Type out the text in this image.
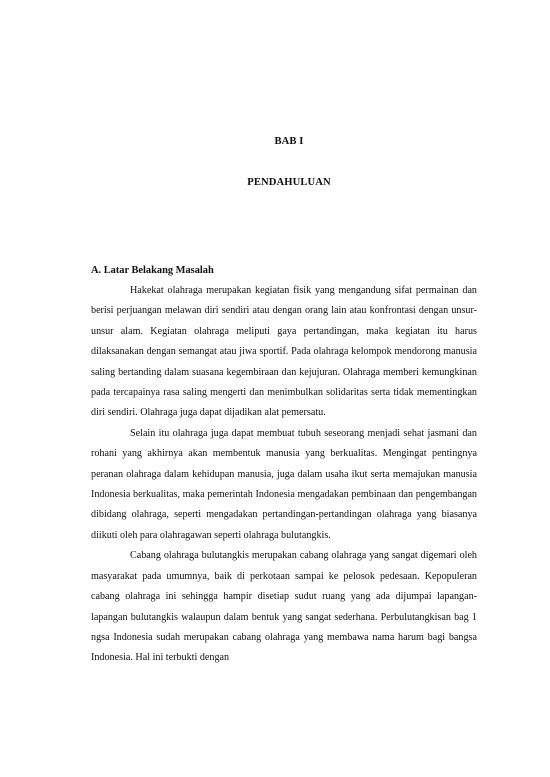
BAB I
PENDAHULUAN
A. Latar Belakang Masalah

Hakekat olahraga merupakan kegiatan fisik yang mengandung sifat permainan dan berisi perjuangan melawan diri sendiri atau dengan orang lain atau konfrontasi dengan unsur-unsur alam. Kegiatan olahraga meliputi gaya pertandingan, maka kegiatan itu harus dilaksanakan dengan semangat atau jiwa sportif. Pada olahraga kelompok mendorong manusia saling bertanding dalam suasana kegembiraan dan kejujuran. Olahraga memberi kemungkinan pada tercapainya rasa saling mengerti dan menimbulkan solidaritas serta tidak mementingkan diri sendiri. Olahraga juga dapat dijadikan alat pemersatu.

Selain itu olahraga juga dapat membuat tubuh seseorang menjadi sehat jasmani dan rohani yang akhirnya akan membentuk manusia yang berkualitas. Mengingat pentingnya peranan olahraga dalam kehidupan manusia, juga dalam usaha ikut serta memajukan manusia Indonesia berkualitas, maka pemerintah Indonesia mengadakan pembinaan dan pengembangan dibidang olahraga, seperti mengadakan pertandingan-pertandingan olahraga yang biasanya diikuti oleh para olahragawan seperti olahraga bulutangkis.

Cabang olahraga bulutangkis merupakan cabang olahraga yang sangat digemari oleh masyarakat pada umumnya, baik di perkotaan sampai ke pelosok pedesaan. Kepopuleran cabang olahraga ini sehingga hampir disetiap sudut ruang yang ada dijumpai lapangan-lapangan bulutangkis walaupun dalam bentuk yang sangat sederhana. Perbulutangkisan bag 1 ngsa Indonesia sudah merupakan cabang olahraga yang membawa nama harum bagi bangsa Indonesia. Hal ini terbukti dengan
